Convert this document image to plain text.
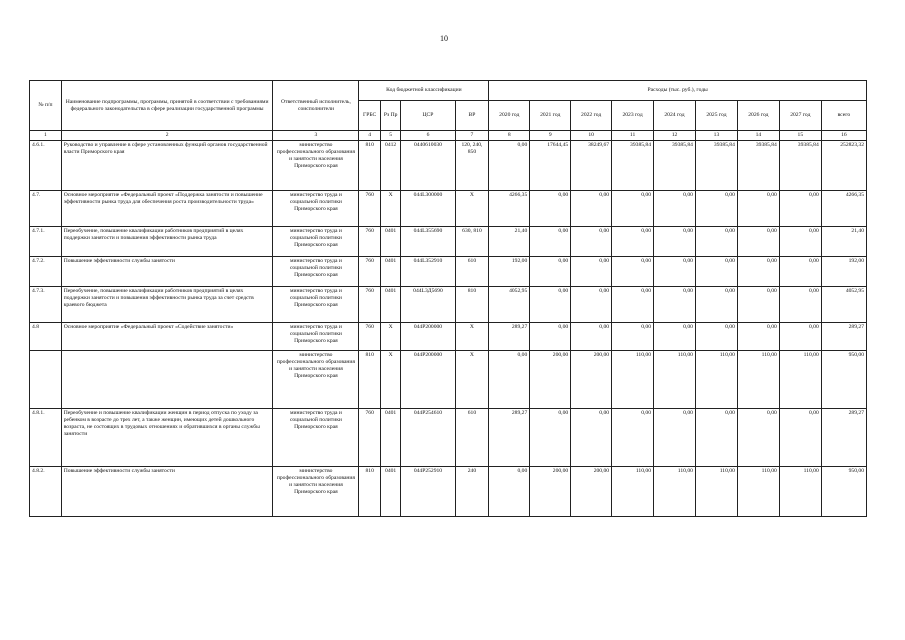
10
№ п/п	Наименование подпрограммы, программы, принятой в соответствии с требованиями федерального законодательства в сфере реализации государственной программы	Ответственный исполнитель, соисполнители	Код бюджетной классификации				Расходы (тыс. руб.), годы								
			ГРБС	Рз Пр	ЦСР	ВР	2020 год	2021 год	2022 год	2023 год	2024 год	2025 год	2026 год	2027 год	всего
1	2	3	4	5	6	7	8	9	10	11	12	13	14	15	16
4.6.1.	Руководство и управление в сфере установленных функций органов государственной власти Приморского края	министерство профессионального образования и занятости населения Приморского края	810	0412	0440610030	120, 240, 850	0,00	17644,45	38249,67	39385,84	39385,84	39385,84	39385,84	39385,84	252823,32
4.7.	Основное мероприятие «Федеральный проект «Поддержка занятости и повышение эффективности рынка труда для обеспечения роста производительности труда»	министерство труда и социальной политики Приморского края	760	X	044L300000	X	4266,35	0,00	0,00	0,00	0,00	0,00	0,00	0,00	4266,35
4.7.1.	Переобучение, повышение квалификации работников предприятий в целях поддержки занятости и повышения эффективности рынка труда	министерство труда и социальной политики Приморского края	760	0401	044L355690	630, 810	21,40	0,00	0,00	0,00	0,00	0,00	0,00	0,00	21,40
4.7.2.	Повышение эффективности службы занятости	министерство труда и социальной политики Приморского края	760	0401	044L352910	610	192,00	0,00	0,00	0,00	0,00	0,00	0,00	0,00	192,00
4.7.3.	Переобучение, повышение квалификации работников предприятий в целях поддержки занятости и повышения эффективности рынка труда за счет средств краевого бюджета	министерство труда и социальной политики Приморского края	760	0401	044L3Д5690	810	4052,95	0,00	0,00	0,00	0,00	0,00	0,00	0,00	4052,95
4.8	Основное мероприятие «Федеральный проект «Содействие занятости»	министерство труда и социальной политики Приморского края	760	X	044P200000	X	289,27	0,00	0,00	0,00	0,00	0,00	0,00	0,00	289,27
		министерство профессионального образования и занятости населения Приморского края	810	X	044P200000	X	0,00	200,00	200,00	110,00	110,00	110,00	110,00	110,00	950,00
4.8.1.	Переобучение и повышение квалификации женщин в период отпуска по уходу за ребенком в возрасте до трех лет, а также женщин, имеющих детей дошкольного возраста, не состоящих в трудовых отношениях и обратившихся в органы службы занятости	министерство труда и социальной политики Приморского края	760	0401	044P254610	610	289,27	0,00	0,00	0,00	0,00	0,00	0,00	0,00	289,27
4.8.2.	Повышение эффективности службы занятости	министерство профессионального образования и занятости населения Приморского края	810	0401	044P252910	240	0,00	200,00	200,00	110,00	110,00	110,00	110,00	110,00	950,00
